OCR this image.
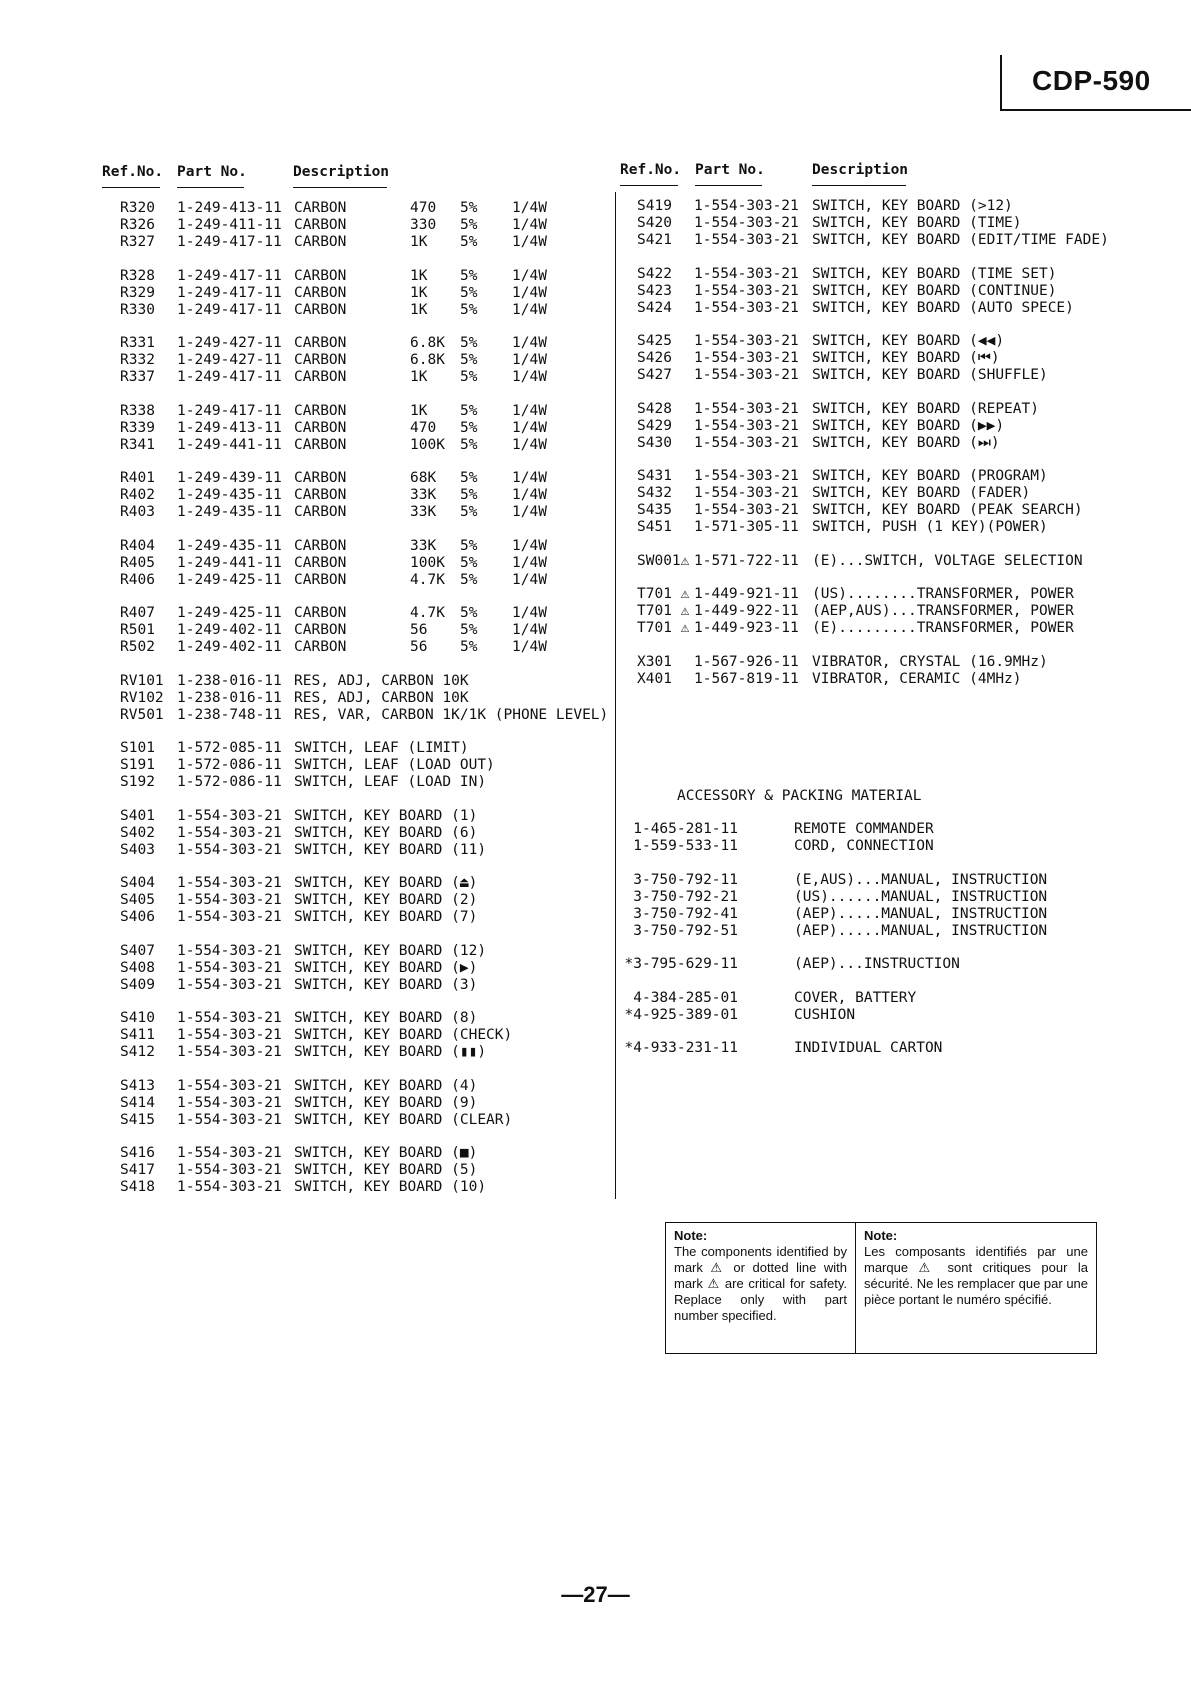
CDP-590
Ref.No. Part No.	Description	Ref.No. Part No.	Description
R320 1-249-413-11 CARBON	470 5% 1/4W
R326 1-249-411-11 CARBON	330 5% 1/4W
R327 1-249-417-11 CARBON	1K 5% 1/4W
R328 1-249-417-11 CARBON	1K 5% 1/4W
R329 1-249-417-11 CARBON	1K 5% 1/4W
R330 1-249-417-11 CARBON	1K 5% 1/4W
R331 1-249-427-11 CARBON	6.8K 5% 1/4W
R332 1-249-427-11 CARBON	6.8K 5% 1/4W
R337 1-249-417-11 CARBON	1K 5% 1/4W
R338 1-249-417-11 CARBON	1K 5% 1/4W
R339 1-249-413-11 CARBON	470 5% 1/4W
R341 1-249-441-11 CARBON	100K 5% 1/4W
R401 1-249-439-11 CARBON	68K 5% 1/4W
R402 1-249-435-11 CARBON	33K 5% 1/4W
R403 1-249-435-11 CARBON	33K 5% 1/4W
R404 1-249-435-11 CARBON	33K 5% 1/4W
R405 1-249-441-11 CARBON	100K 5% 1/4W
R406 1-249-425-11 CARBON	4.7K 5% 1/4W
R407 1-249-425-11 CARBON	4.7K 5% 1/4W
R501 1-249-402-11 CARBON	56 5% 1/4W
R502 1-249-402-11 CARBON	56 5% 1/4W
RV101 1-238-016-11 RES, ADJ, CARBON 10K
RV102 1-238-016-11 RES, ADJ, CARBON 10K
RV501 1-238-748-11 RES, VAR, CARBON 1K/1K (PHONE LEVEL)
S101 1-572-085-11 SWITCH, LEAF (LIMIT)
S191 1-572-086-11 SWITCH, LEAF (LOAD OUT)
S192 1-572-086-11 SWITCH, LEAF (LOAD IN)
S401 1-554-303-21 SWITCH, KEY BOARD (1)
S402 1-554-303-21 SWITCH, KEY BOARD (6)
S403 1-554-303-21 SWITCH, KEY BOARD (11)
S404 1-554-303-21 SWITCH, KEY BOARD (⏏)
S405 1-554-303-21 SWITCH, KEY BOARD (2)
S406 1-554-303-21 SWITCH, KEY BOARD (7)
S407 1-554-303-21 SWITCH, KEY BOARD (12)
S408 1-554-303-21 SWITCH, KEY BOARD (▶)
S409 1-554-303-21 SWITCH, KEY BOARD (3)
S410 1-554-303-21 SWITCH, KEY BOARD (8)
S411 1-554-303-21 SWITCH, KEY BOARD (CHECK)
S412 1-554-303-21 SWITCH, KEY BOARD (▮▮)
S413 1-554-303-21 SWITCH, KEY BOARD (4)
S414 1-554-303-21 SWITCH, KEY BOARD (9)
S415 1-554-303-21 SWITCH, KEY BOARD (CLEAR)
S416 1-554-303-21 SWITCH, KEY BOARD (■)
S417 1-554-303-21 SWITCH, KEY BOARD (5)
S418 1-554-303-21 SWITCH, KEY BOARD (10)
S419 1-554-303-21 SWITCH, KEY BOARD (>12)
S420 1-554-303-21 SWITCH, KEY BOARD (TIME)
S421 1-554-303-21 SWITCH, KEY BOARD (EDIT/TIME FADE)
S422 1-554-303-21 SWITCH, KEY BOARD (TIME SET)
S423 1-554-303-21 SWITCH, KEY BOARD (CONTINUE)
S424 1-554-303-21 SWITCH, KEY BOARD (AUTO SPECE)
S425 1-554-303-21 SWITCH, KEY BOARD (◀◀)
S426 1-554-303-21 SWITCH, KEY BOARD (⏮)
S427 1-554-303-21 SWITCH, KEY BOARD (SHUFFLE)
S428 1-554-303-21 SWITCH, KEY BOARD (REPEAT)
S429 1-554-303-21 SWITCH, KEY BOARD (▶▶)
S430 1-554-303-21 SWITCH, KEY BOARD (⏭)
S431 1-554-303-21 SWITCH, KEY BOARD (PROGRAM)
S432 1-554-303-21 SWITCH, KEY BOARD (FADER)
S435 1-554-303-21 SWITCH, KEY BOARD (PEAK SEARCH)
S451 1-571-305-11 SWITCH, PUSH (1 KEY)(POWER)
SW001⚠ 1-571-722-11 (E)...SWITCH, VOLTAGE SELECTION
T701 ⚠ 1-449-921-11 (US)........TRANSFORMER, POWER
T701 ⚠ 1-449-922-11 (AEP,AUS)...TRANSFORMER, POWER
T701 ⚠ 1-449-923-11 (E).........TRANSFORMER, POWER
X301 1-567-926-11 VIBRATOR, CRYSTAL (16.9MHz)
X401 1-567-819-11 VIBRATOR, CERAMIC (4MHz)
ACCESSORY & PACKING MATERIAL
1-465-281-11	REMOTE COMMANDER
1-559-533-11	CORD, CONNECTION
3-750-792-11	(E,AUS)...MANUAL, INSTRUCTION
3-750-792-21	(US)......MANUAL, INSTRUCTION
3-750-792-41	(AEP).....MANUAL, INSTRUCTION
3-750-792-51	(AEP).....MANUAL, INSTRUCTION
*3-795-629-11	(AEP)...INSTRUCTION
4-384-285-01	COVER, BATTERY
*4-925-389-01	CUSHION
*4-933-231-11	INDIVIDUAL CARTON
Note:
The components identified by mark ⚠ or dotted line with mark ⚠ are critical for safety. Replace only with part number specified.
Note:
Les composants identifiés par une marque ⚠ sont critiques pour la sécurité. Ne les remplacer que par une pièce portant le numéro spécifié.
—27—
